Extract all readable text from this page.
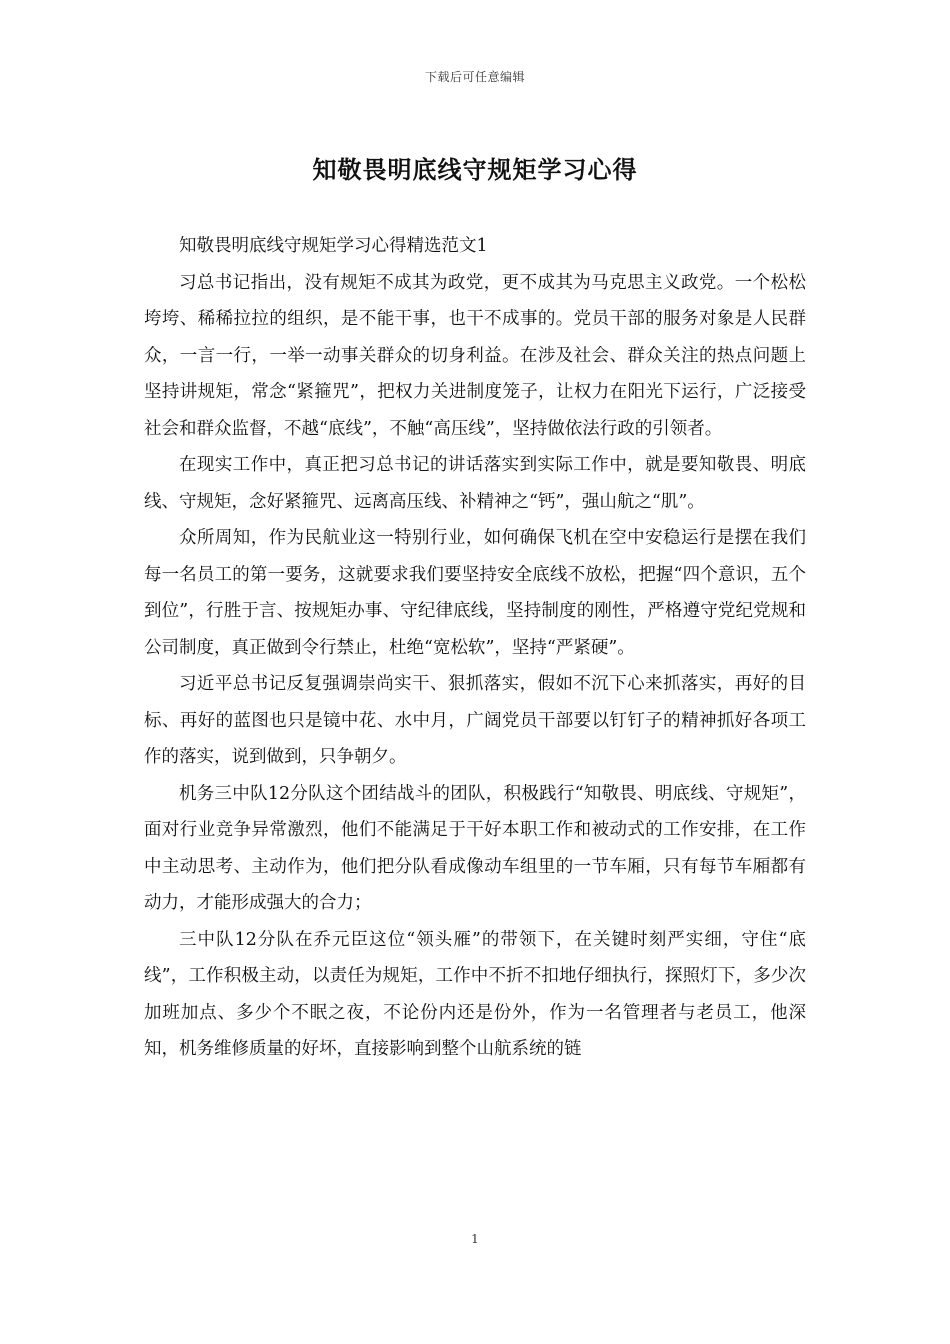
下载后可任意编辑
知敬畏明底线守规矩学习心得

知敬畏明底线守规矩学习心得精选范文1

习总书记指出，没有规矩不成其为政党，更不成其为马克思主义政党。一个松松垮垮、稀稀拉拉的组织，是不能干事，也干不成事的。党员干部的服务对象是人民群众，一言一行，一举一动事关群众的切身利益。在涉及社会、群众关注的热点问题上坚持讲规矩，常念“紧箍咒”，把权力关进制度笼子，让权力在阳光下运行，广泛接受社会和群众监督，不越“底线”，不触“高压线”，坚持做依法行政的引领者。

在现实工作中，真正把习总书记的讲话落实到实际工作中，就是要知敬畏、明底线、守规矩，念好紧箍咒、远离高压线、补精神之“钙”，强山航之“肌”。

众所周知，作为民航业这一特别行业，如何确保飞机在空中安稳运行是摆在我们每一名员工的第一要务，这就要求我们要坚持安全底线不放松，把握“四个意识，五个到位”，行胜于言、按规矩办事、守纪律底线，坚持制度的刚性，严格遵守党纪党规和公司制度，真正做到令行禁止，杜绝“宽松软”，坚持“严紧硬”。

习近平总书记反复强调崇尚实干、狠抓落实，假如不沉下心来抓落实，再好的目标、再好的蓝图也只是镜中花、水中月，广阔党员干部要以钉钉子的精神抓好各项工作的落实，说到做到，只争朝夕。

机务三中队12分队这个团结战斗的团队，积极践行“知敬畏、明底线、守规矩”，面对行业竞争异常激烈，他们不能满足于干好本职工作和被动式的工作安排，在工作中主动思考、主动作为，他们把分队看成像动车组里的一节车厢，只有每节车厢都有动力，才能形成强大的合力；

三中队12分队在乔元臣这位“领头雁”的带领下，在关键时刻严实细，守住“底线”，工作积极主动，以责任为规矩，工作中不折不扣地仔细执行，探照灯下，多少次加班加点、多少个不眠之夜，不论份内还是份外，作为一名管理者与老员工，他深知，机务维修质量的好坏，直接影响到整个山航系统的链

1
